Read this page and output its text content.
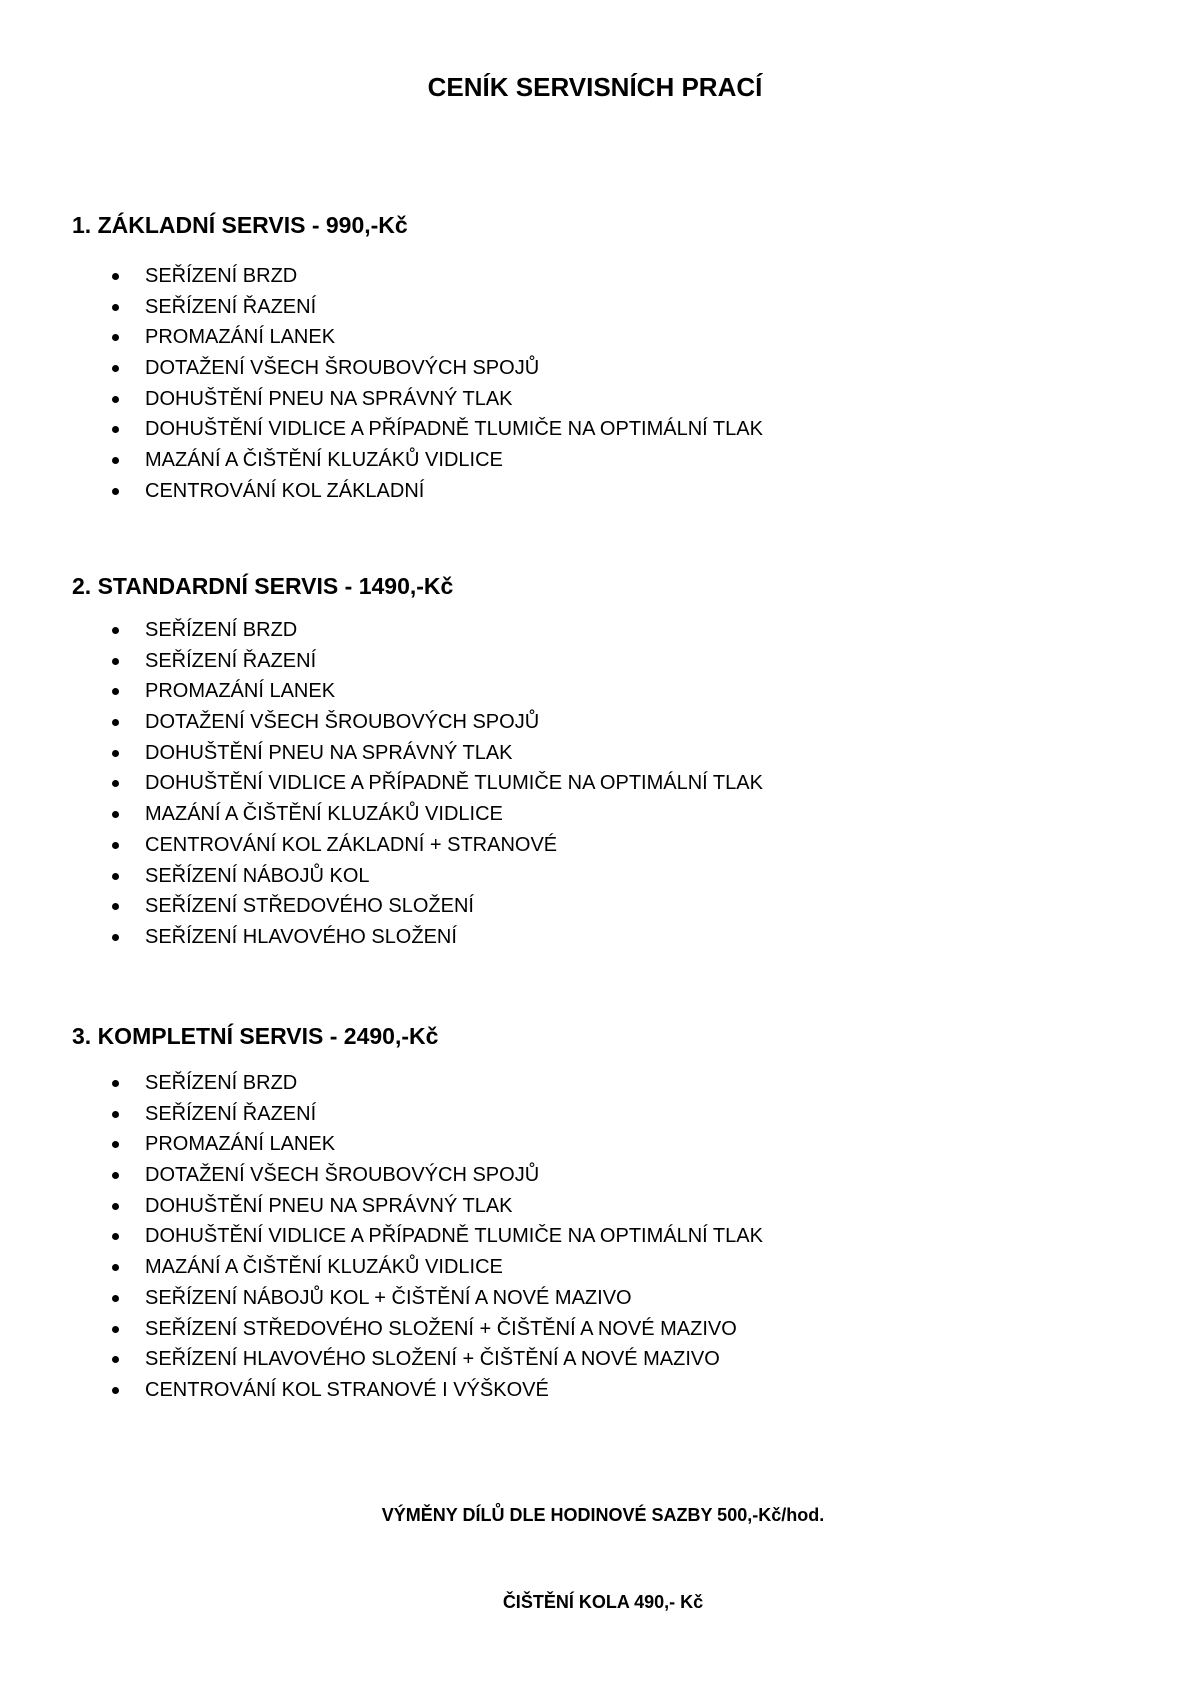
CENÍK SERVISNÍCH PRACÍ
1. ZÁKLADNÍ SERVIS - 990,-Kč
SEŘÍZENÍ BRZD
SEŘÍZENÍ ŘAZENÍ
PROMAZÁNÍ LANEK
DOTAŽENÍ VŠECH ŠROUBOVÝCH SPOJŮ
DOHUŠTĚNÍ PNEU NA SPRÁVNÝ TLAK
DOHUŠTĚNÍ VIDLICE A PŘÍPADNĚ TLUMIČE NA OPTIMÁLNÍ TLAK
MAZÁNÍ A ČIŠTĚNÍ KLUZÁKŮ VIDLICE
CENTROVÁNÍ KOL ZÁKLADNÍ
2. STANDARDNÍ SERVIS - 1490,-Kč
SEŘÍZENÍ BRZD
SEŘÍZENÍ ŘAZENÍ
PROMAZÁNÍ LANEK
DOTAŽENÍ VŠECH ŠROUBOVÝCH SPOJŮ
DOHUŠTĚNÍ PNEU NA SPRÁVNÝ TLAK
DOHUŠTĚNÍ VIDLICE A PŘÍPADNĚ TLUMIČE NA OPTIMÁLNÍ TLAK
MAZÁNÍ A ČIŠTĚNÍ KLUZÁKŮ VIDLICE
CENTROVÁNÍ KOL ZÁKLADNÍ + STRANOVÉ
SEŘÍZENÍ NÁBOJŮ KOL
SEŘÍZENÍ STŘEDOVÉHO SLOŽENÍ
SEŘÍZENÍ HLAVOVÉHO SLOŽENÍ
3. KOMPLETNÍ SERVIS - 2490,-Kč
SEŘÍZENÍ BRZD
SEŘÍZENÍ ŘAZENÍ
PROMAZÁNÍ LANEK
DOTAŽENÍ VŠECH ŠROUBOVÝCH SPOJŮ
DOHUŠTĚNÍ PNEU NA SPRÁVNÝ TLAK
DOHUŠTĚNÍ VIDLICE A PŘÍPADNĚ TLUMIČE NA OPTIMÁLNÍ TLAK
MAZÁNÍ A ČIŠTĚNÍ KLUZÁKŮ VIDLICE
SEŘÍZENÍ NÁBOJŮ KOL + ČIŠTĚNÍ A NOVÉ MAZIVO
SEŘÍZENÍ STŘEDOVÉHO SLOŽENÍ + ČIŠTĚNÍ A NOVÉ MAZIVO
SEŘÍZENÍ HLAVOVÉHO SLOŽENÍ + ČIŠTĚNÍ A NOVÉ MAZIVO
CENTROVÁNÍ KOL STRANOVÉ I VÝŠKOVÉ

VÝMĚNY DÍLŮ DLE HODINOVÉ SAZBY 500,-Kč/hod.

ČIŠTĚNÍ KOLA 490,- Kč
